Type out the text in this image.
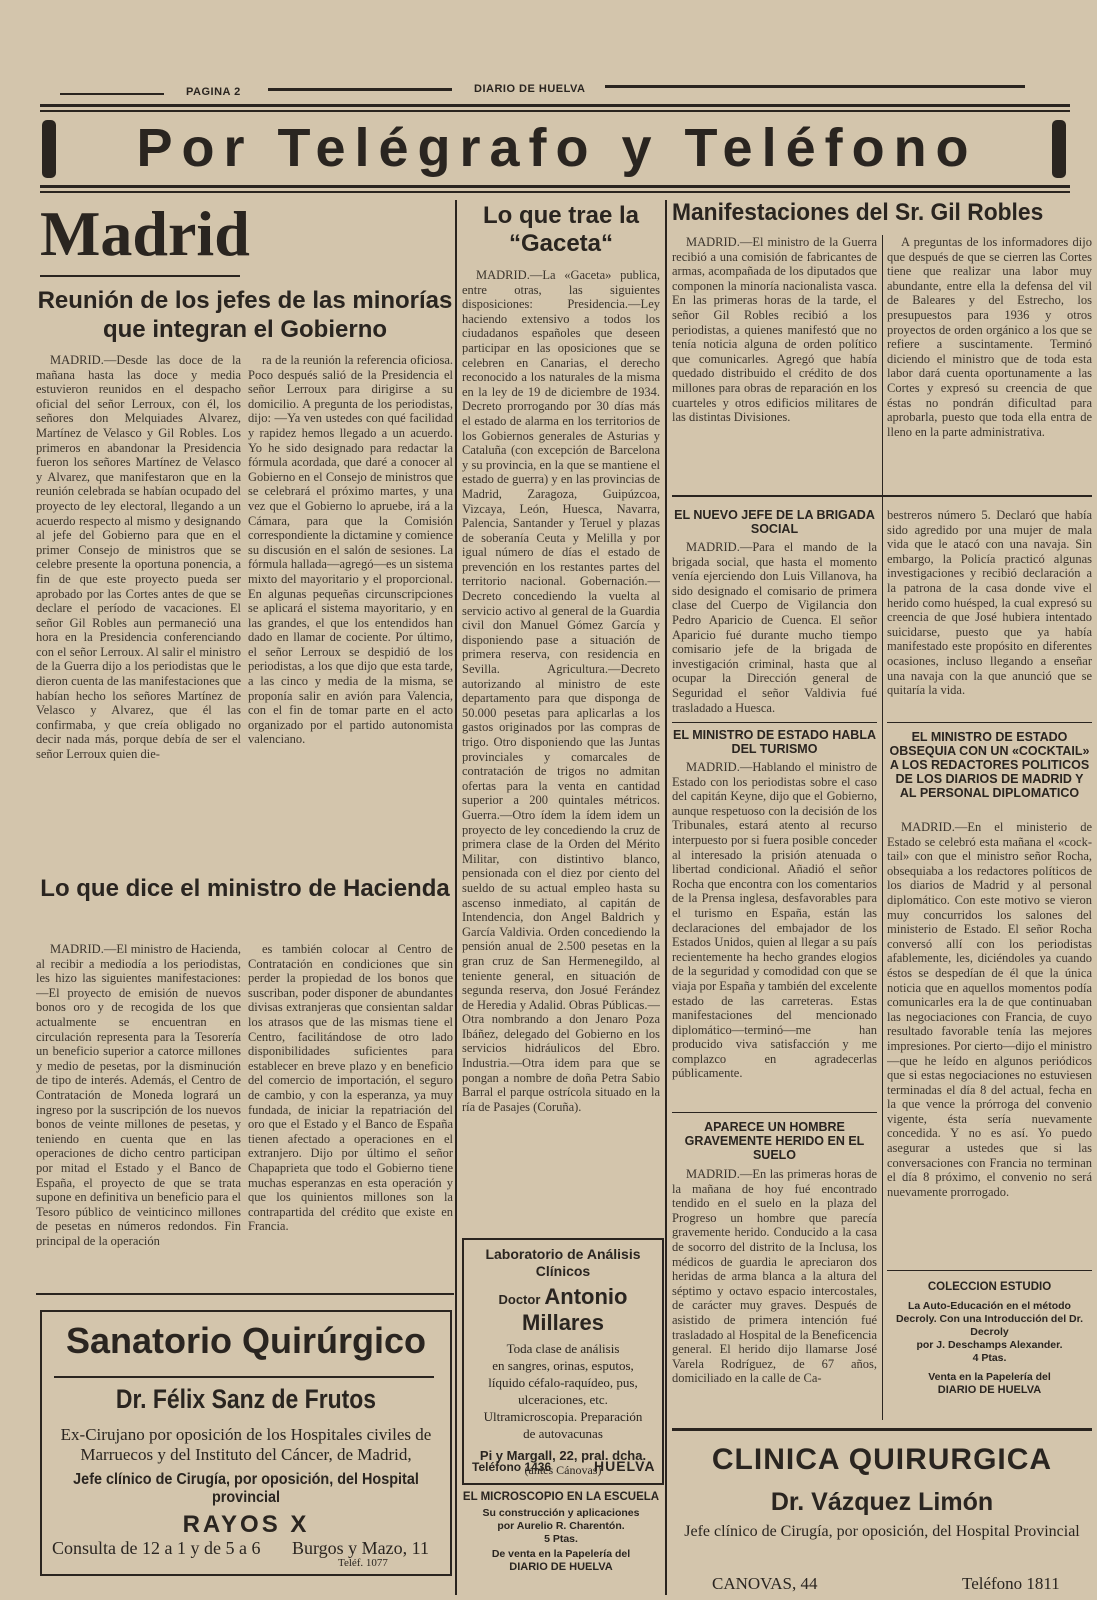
PAGINA 2	DIARIO DE HUELVA
Por Telégrafo y Teléfono
Madrid
Reunión de los jefes de las minorías que integran el Gobierno

MADRID.—Desde las doce de la mañana hasta las doce y media estuvieron reunidos en el despacho oficial del señor Lerroux, con él, los señores don Melquiades Alvarez, Martínez de Velasco y Gil Robles. Los primeros en abandonar la Presidencia fueron los señores Martínez de Velasco y Alvarez, que manifestaron que en la reunión celebrada se habían ocupado del proyecto de ley electoral, llegando a un acuerdo respecto al mismo y designando al jefe del Gobierno para que en el primer Consejo de ministros que se celebre presente la oportuna ponencia, a fin de que este proyecto pueda ser aprobado por las Cortes antes de que se declare el período de vacaciones. El señor Gil Robles aun permaneció una hora en la Presidencia conferenciando con el señor Lerroux. Al salir el ministro de la Guerra dijo a los periodistas que le dieron cuenta de las manifestaciones que habían hecho los señores Martínez de Velasco y Alvarez, que él las confirmaba, y que creía obligado no decir nada más, porque debía de ser el señor Lerroux quien die-

ra de la reunión la referencia oficiosa. Poco después salió de la Presidencia el señor Lerroux para dirigirse a su domicilio. A pregunta de los periodistas, dijo: —Ya ven ustedes con qué facilidad y rapidez hemos llegado a un acuerdo. Yo he sido designado para redactar la fórmula acordada, que daré a conocer al Gobierno en el Consejo de ministros que se celebrará el próximo martes, y una vez que el Gobierno lo apruebe, irá a la Cámara, para que la Comisión correspondiente la dictamine y comience su discusión en el salón de sesiones. La fórmula hallada—agregó—es un sistema mixto del mayoritario y el proporcional. En algunas pequeñas circunscripciones se aplicará el sistema mayoritario, y en las grandes, el que los entendidos han dado en llamar de cociente. Por último, el señor Lerroux se despidió de los periodistas, a los que dijo que esta tarde, a las cinco y media de la misma, se proponía salir en avión para Valencia, con el fin de tomar parte en el acto organizado por el partido autonomista valenciano.

Lo que dice el ministro de Hacienda

MADRID.—El ministro de Hacienda, al recibir a mediodía a los periodistas, les hizo las siguientes manifestaciones: —El proyecto de emisión de nuevos bonos oro y de recogida de los que actualmente se encuentran en circulación representa para la Tesorería un beneficio superior a catorce millones y medio de pesetas, por la disminución de tipo de interés. Además, el Centro de Contratación de Moneda logrará un ingreso por la suscripción de los nuevos bonos de veinte millones de pesetas, y teniendo en cuenta que en las operaciones de dicho centro participan por mitad el Estado y el Banco de España, el proyecto de que se trata supone en definitiva un beneficio para el Tesoro público de veinticinco millones de pesetas en números redondos. Fin principal de la operación

es también colocar al Centro de Contratación en condiciones que sin perder la propiedad de los bonos que suscriban, poder disponer de abundantes divisas extranjeras que consientan saldar los atrasos que de las mismas tiene el Centro, facilitándose de otro lado disponibilidades suficientes para establecer en breve plazo y en beneficio del comercio de importación, el seguro de cambio, y con la esperanza, ya muy fundada, de iniciar la repatriación del oro que el Estado y el Banco de España tienen afectado a operaciones en el extranjero. Dijo por último el señor Chapaprieta que todo el Gobierno tiene muchas esperanzas en esta operación y que los quinientos millones son la contrapartida del crédito que existe en Francia.

Sanatorio Quirúrgico
Dr. Félix Sanz de Frutos
Ex-Cirujano por oposición de los Hospitales civiles de Marruecos y del Instituto del Cáncer, de Madrid,
Jefe clínico de Cirugía, por oposición, del Hospital provincial
RAYOS X
Consulta de 12 a 1 y de 5 a 6 Burgos y Mazo, 11
Teléf. 1077
Lo que trae la “Gaceta“

MADRID.—La «Gaceta» publica, entre otras, las siguientes disposiciones: Presidencia.—Ley haciendo extensivo a todos los ciudadanos españoles que deseen participar en las oposiciones que se celebren en Canarias, el derecho reconocido a los naturales de la misma en la ley de 19 de diciembre de 1934. Decreto prorrogando por 30 días más el estado de alarma en los territorios de los Gobiernos generales de Asturias y Cataluña (con excepción de Barcelona y su provincia, en la que se mantiene el estado de guerra) y en las provincias de Madrid, Zaragoza, Guipúzcoa, Vizcaya, León, Huesca, Navarra, Palencia, Santander y Teruel y plazas de soberanía Ceuta y Melilla y por igual número de días el estado de prevención en los restantes partes del territorio nacional. Gobernación.—Decreto concediendo la vuelta al servicio activo al general de la Guardia civil don Manuel Gómez García y disponiendo pase a situación de primera reserva, con residencia en Sevilla. Agricultura.—Decreto autorizando al ministro de este departamento para que disponga de 50.000 pesetas para aplicarlas a los gastos originados por las compras de trigo. Otro disponiendo que las Juntas provinciales y comarcales de contratación de trigos no admitan ofertas para la venta en cantidad superior a 200 quintales métricos. Guerra.—Otro ídem la ídem idem un proyecto de ley concediendo la cruz de primera clase de la Orden del Mérito Militar, con distintivo blanco, pensionada con el diez por ciento del sueldo de su actual empleo hasta su ascenso inmediato, al capitán de Intendencia, don Angel Baldrich y García Valdivia. Orden concediendo la pensión anual de 2.500 pesetas en la gran cruz de San Hermenegildo, al teniente general, en situación de segunda reserva, don Josué Ferández de Heredia y Adalid. Obras Públicas.—Otra nombrando a don Jenaro Poza Ibáñez, delegado del Gobierno en los servicios hidráulicos del Ebro. Industria.—Otra idem para que se pongan a nombre de doña Petra Sabio Barral el parque ostrícola situado en la ría de Pasajes (Coruña).

Laboratorio de Análisis Clínicos
Doctor Antonio Millares
Toda clase de análisis
en sangres, orinas, esputos,
líquido céfalo-raquídeo, pus,
ulceraciones, etc.
Ultramicroscopia. Preparación
de autovacunas
Pi y Margall, 22, pral. dcha.
(antes Cánovas)
Teléfono 1436	HUELVA
EL MICROSCOPIO EN LA ESCUELA
Su construcción y aplicaciones
por Aurelio R. Charentón.
5 Ptas.
De venta en la Papelería del
DIARIO DE HUELVA
Manifestaciones del Sr. Gil Robles

MADRID.—El ministro de la Guerra recibió a una comisión de fabricantes de armas, acompañada de los diputados que componen la minoría nacionalista vasca. En las primeras horas de la tarde, el señor Gil Robles recibió a los periodistas, a quienes manifestó que no tenía noticia alguna de orden político que comunicarles. Agregó que había quedado distribuido el crédito de dos millones para obras de reparación en los cuarteles y otros edificios militares de las distintas Divisiones.

A preguntas de los informadores dijo que después de que se cierren las Cortes tiene que realizar una labor muy abundante, entre ella la defensa del vil de Baleares y del Estrecho, los presupuestos para 1936 y otros proyectos de orden orgánico a los que se refiere a suscintamente. Terminó diciendo el ministro que de toda esta labor dará cuenta oportunamente a las Cortes y expresó su creencia de que éstas no pondrán dificultad para aprobarla, puesto que toda ella entra de lleno en la parte administrativa.

EL NUEVO JEFE DE LA BRIGADA SOCIAL

MADRID.—Para el mando de la brigada social, que hasta el momento venía ejerciendo don Luis Villanova, ha sido designado el comisario de primera clase del Cuerpo de Vigilancia don Pedro Aparicio de Cuenca. El señor Aparicio fué durante mucho tiempo comisario jefe de la brigada de investigación criminal, hasta que al ocupar la Dirección general de Seguridad el señor Valdivia fué trasladado a Huesca.

EL MINISTRO DE ESTADO HABLA DEL TURISMO

MADRID.—Hablando el ministro de Estado con los periodistas sobre el caso del capitán Keyne, dijo que el Gobierno, aunque respetuoso con la decisión de los Tribunales, estará atento al recurso interpuesto por si fuera posible conceder al interesado la prisión atenuada o libertad condicional. Añadió el señor Rocha que encontra con los comentarios de la Prensa inglesa, desfavorables para el turismo en España, están las declaraciones del embajador de los Estados Unidos, quien al llegar a su país recientemente ha hecho grandes elogios de la seguridad y comodidad con que se viaja por España y también del excelente estado de las carreteras. Estas manifestaciones del mencionado diplomático—terminó—me han producido viva satisfacción y me complazco en agradecerlas públicamente.

APARECE UN HOMBRE GRAVEMENTE HERIDO EN EL SUELO

MADRID.—En las primeras horas de la mañana de hoy fué encontrado tendido en el suelo en la plaza del Progreso un hombre que parecía gravemente herido. Conducido a la casa de socorro del distrito de la Inclusa, los médicos de guardia le apreciaron dos heridas de arma blanca a la altura del séptimo y octavo espacio intercostales, de carácter muy graves. Después de asistido de primera intención fué trasladado al Hospital de la Beneficencia general. El herido dijo llamarse José Varela Rodríguez, de 67 años, domiciliado en la calle de Ca-

bestreros número 5. Declaró que había sido agredido por una mujer de mala vida que le atacó con una navaja. Sin embargo, la Policía practicó algunas investigaciones y recibió declaración a la patrona de la casa donde vive el herido como huésped, la cual expresó su creencia de que José hubiera intentado suicidarse, puesto que ya había manifestado este propósito en diferentes ocasiones, incluso llegando a enseñar una navaja con la que anunció que se quitaría la vida.

EL MINISTRO DE ESTADO OBSEQUIA CON UN «COCKTAIL» A LOS REDACTORES POLITICOS DE LOS DIARIOS DE MADRID Y AL PERSONAL DIPLOMATICO

MADRID.—En el ministerio de Estado se celebró esta mañana el «cock-tail» con que el ministro señor Rocha, obsequiaba a los redactores políticos de los diarios de Madrid y al personal diplomático. Con este motivo se vieron muy concurridos los salones del ministerio de Estado. El señor Rocha conversó allí con los periodistas afablemente, les, diciéndoles ya cuando éstos se despedían de él que la única noticia que en aquellos momentos podía comunicarles era la de que continuaban las negociaciones con Francia, de cuyo resultado favorable tenía las mejores impresiones. Por cierto—dijo el ministro—que he leído en algunos periódicos que si estas negociaciones no estuviesen terminadas el día 8 del actual, fecha en la que vence la prórroga del convenio vigente, ésta sería nuevamente concedida. Y no es así. Yo puedo asegurar a ustedes que si las conversaciones con Francia no terminan el día 8 próximo, el convenio no será nuevamente prorrogado.

COLECCION ESTUDIO
La Auto-Educación en el método Decroly. Con una Introducción del Dr. Decroly
por J. Deschamps Alexander.
4 Ptas.
Venta en la Papelería del
DIARIO DE HUELVA
CLINICA QUIRURGICA
Dr. Vázquez Limón
Jefe clínico de Cirugía, por oposición, del Hospital Provincial
CANOVAS, 44	Teléfono 1811
